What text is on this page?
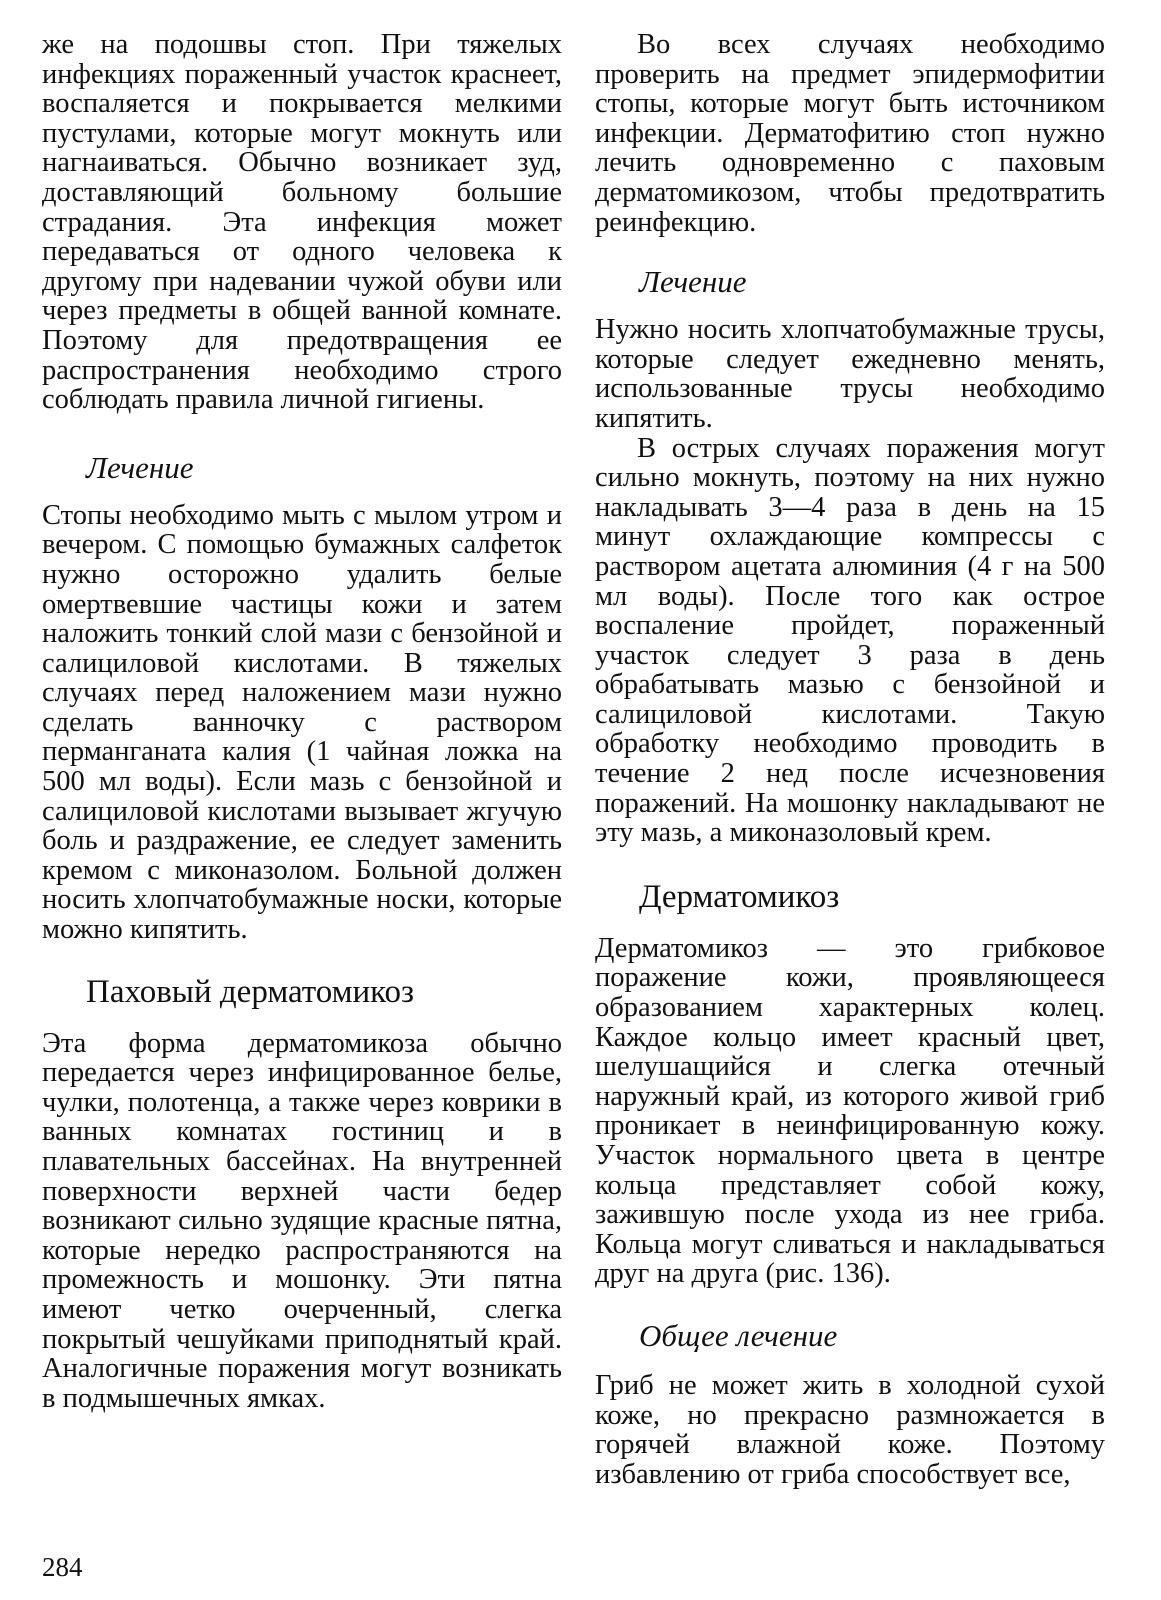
же на подошвы стоп. При тяжелых инфекциях пораженный участок краснеет, воспаляется и покрывается мелкими пустулами, которые могут мокнуть или нагнаиваться. Обычно возникает зуд, доставляющий больному большие страдания. Эта инфекция может передаваться от одного человека к другому при надевании чужой обуви или через предметы в общей ванной комнате. Поэтому для предотвращения ее распространения необходимо строго соблюдать правила личной гигиены.

Лечение

Стопы необходимо мыть с мылом утром и вечером. С помощью бумажных салфеток нужно осторожно удалить белые омертвевшие частицы кожи и затем наложить тонкий слой мази с бензойной и салициловой кислотами. В тяжелых случаях перед наложением мази нужно сделать ванночку с раствором перманганата калия (1 чайная ложка на 500 мл воды). Если мазь с бензойной и салициловой кислотами вызывает жгучую боль и раздражение, ее следует заменить кремом с миконазолом. Больной должен носить хлопчатобумажные носки, которые можно кипятить.

Паховый дерматомикоз

Эта форма дерматомикоза обычно передается через инфицированное белье, чулки, полотенца, а также через коврики в ванных комнатах гостиниц и в плавательных бассейнах. На внутренней поверхности верхней части бедер возникают сильно зудящие красные пятна, которые нередко распространяются на промежность и мошонку. Эти пятна имеют четко очерченный, слегка покрытый чешуйками приподнятый край. Аналогичные поражения могут возникать в подмышечных ямках.

Во всех случаях необходимо проверить на предмет эпидермофитии стопы, которые могут быть источником инфекции. Дерматофитию стоп нужно лечить одновременно с паховым дерматомикозом, чтобы предотвратить реинфекцию.

Лечение

Нужно носить хлопчатобумажные трусы, которые следует ежедневно менять, использованные трусы необходимо кипятить.

В острых случаях поражения могут сильно мокнуть, поэтому на них нужно накладывать 3—4 раза в день на 15 минут охлаждающие компрессы с раствором ацетата алюминия (4 г на 500 мл воды). После того как острое воспаление пройдет, пораженный участок следует 3 раза в день обрабатывать мазью с бензойной и салициловой кислотами. Такую обработку необходимо проводить в течение 2 нед после исчезновения поражений. На мошонку накладывают не эту мазь, а миконазоловый крем.

Дерматомикоз

Дерматомикоз — это грибковое поражение кожи, проявляющееся образованием характерных колец. Каждое кольцо имеет красный цвет, шелушащийся и слегка отечный наружный край, из которого живой гриб проникает в неинфицированную кожу. Участок нормального цвета в центре кольца представляет собой кожу, зажившую после ухода из нее гриба. Кольца могут сливаться и накладываться друг на друга (рис. 136).

Общее лечение

Гриб не может жить в холодной сухой коже, но прекрасно размножается в горячей влажной коже. Поэтому избавлению от гриба способствует все,

284
